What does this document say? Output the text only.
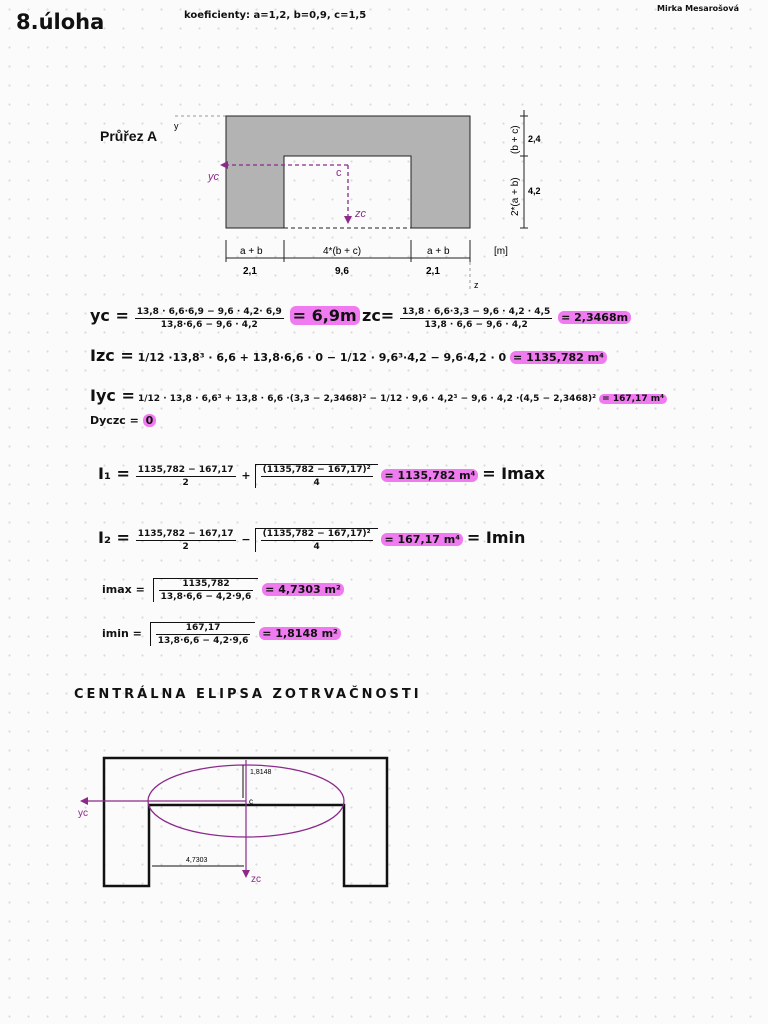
8.úloha	koeficienty: a=1,2, b=0,9, c=1,5
Mirka Mesarošová
Průřez A
y
yc
zc
c
(b + c) 2,4
2*(a + b) 4,2
a + b
2,1
4*(b + c)
9,6
a + b
2,1
[m]
z
yc = $\frac{13,8 \cdot 6,6\cdot 6,9 - 9,6 \cdot 4,2\cdot 6,9}{13,8\cdot 6,6 - 9,6 \cdot 4,2} = 6,9m$ $zc= \frac{13,8 \cdot 6,6\cdot 3,3 - 9,6 \cdot 4,2 \cdot 4,5}{13,8 \cdot 6,6 - 9,6 \cdot 4,2} = 2,3468m$
Izc = 1/12 ·13,8³ · 6,6 + 13,8·6,6 · 0 − 1/12 · 9,6³·4,2 − 9,6·4,2 · 0 = 1135,782 m⁴
Iyc = 1/12 · 13,8 · 6,6³ + 13,8 · 6,6 ·(3,3 − 2,3468)² − 1/12 · 9,6 · 4,2³ − 9,6 · 4,2 ·(4,5 − 2,3468)² = 167,17 m⁴
Dyczc = 0
$I_1 = \frac{1135,782 - 167,17}{2} + \frac{\text{(1135,782 − 167,17)²}}{4} = 1135,782$ m⁴ = Imax
$I_2 = \frac{1135,782 - 167,17}{2} - \frac{\text{(1135,782 − 167,17)²}}{4} = 167,17$ m⁴ = Imin
$imax = \frac{1135,782}{13,8\cdot 6,6 - 4,2\cdot 9,6} = 4,7303$ m²
$imin = \frac{167,17}{13,8\cdot 6,6 - 4,2\cdot 9,6} = 1,8148$ m²
CENTRÁLNA ELIPSA ZOTRVAČNOSTI
yc
zc
1,8148
c
4,7303
